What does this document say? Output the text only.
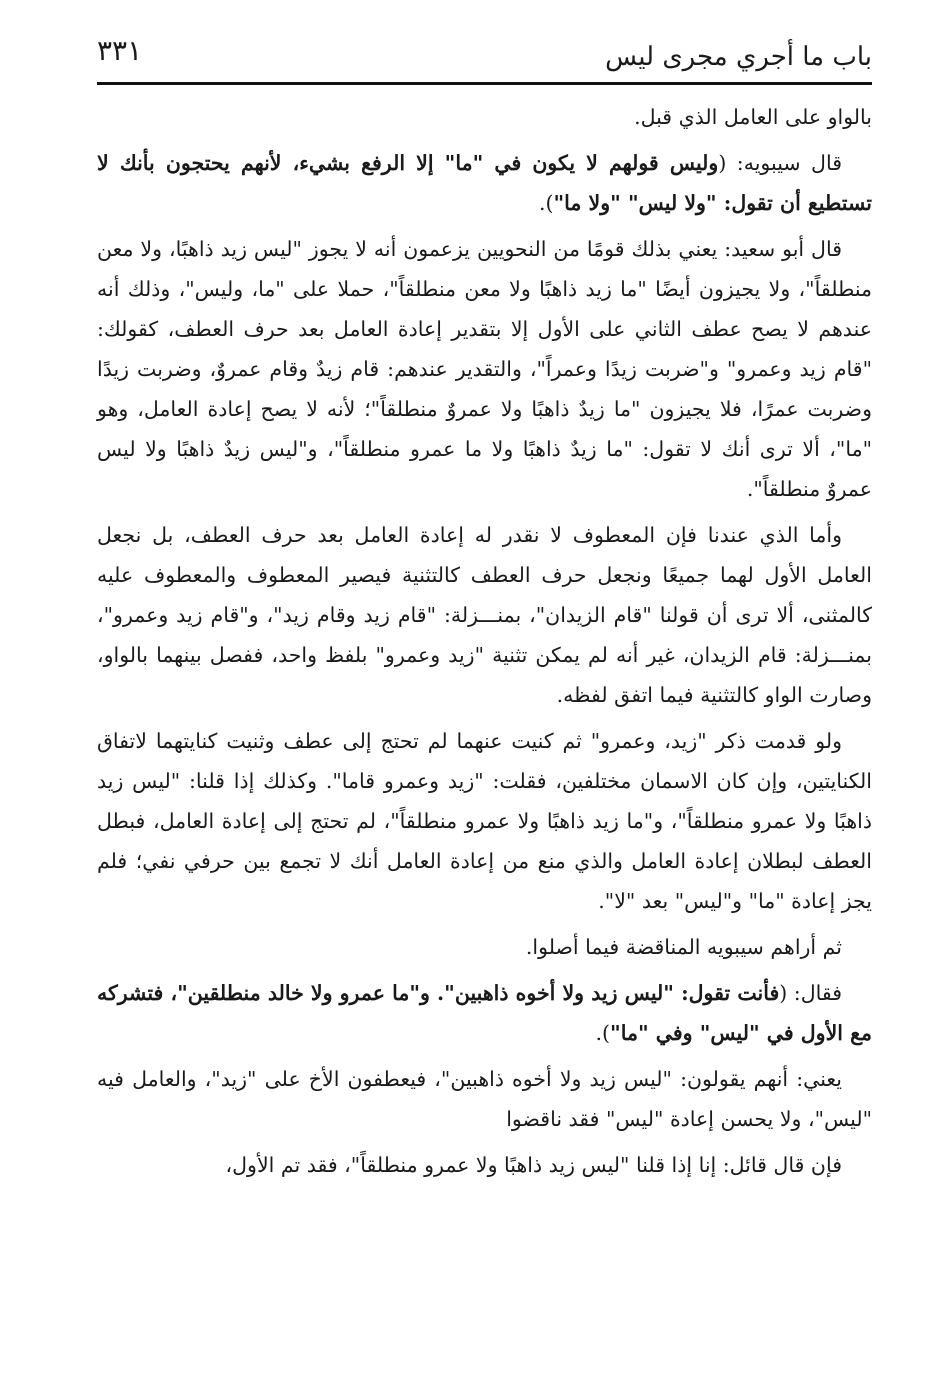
باب ما أجري مجرى ليس
٣٣١

بالواو على العامل الذي قبل.

قال سيبويه: (وليس قولهم لا يكون في "ما" إلا الرفع بشيء، لأنهم يحتجون بأنك لا تستطيع أن تقول: "ولا ليس" "ولا ما").

قال أبو سعيد: يعني بذلك قومًا من النحويين يزعمون أنه لا يجوز "ليس زيد ذاهبًا، ولا معن منطلقاً"، ولا يجيزون أيضًا "ما زيد ذاهبًا ولا معن منطلقاً"، حملا على "ما، وليس"، وذلك أنه عندهم لا يصح عطف الثاني على الأول إلا بتقدير إعادة العامل بعد حرف العطف، كقولك: "قام زيد وعمرو" و"ضربت زيدًا وعمراً"، والتقدير عندهم: قام زيدٌ وقام عمروٌ، وضربت زيدًا وضربت عمرًا، فلا يجيزون "ما زيدٌ ذاهبًا ولا عمروٌ منطلقاً"؛ لأنه لا يصح إعادة العامل، وهو "ما"، ألا ترى أنك لا تقول: "ما زيدٌ ذاهبًا ولا ما عمرو منطلقاً"، و"ليس زيدٌ ذاهبًا ولا ليس عمروٌ منطلقاً".

وأما الذي عندنا فإن المعطوف لا نقدر له إعادة العامل بعد حرف العطف، بل نجعل العامل الأول لهما جميعًا ونجعل حرف العطف كالتثنية فيصير المعطوف والمعطوف عليه كالمثنى، ألا ترى أن قولنا "قام الزيدان"، بمنـــزلة: "قام زيد وقام زيد"، و"قام زيد وعمرو"، بمنـــزلة: قام الزيدان، غير أنه لم يمكن تثنية "زيد وعمرو" بلفظ واحد، ففصل بينهما بالواو، وصارت الواو كالتثنية فيما اتفق لفظه.

ولو قدمت ذكر "زيد، وعمرو" ثم كنيت عنهما لم تحتج إلى عطف وثنيت كنايتهما لاتفاق الكنايتين، وإن كان الاسمان مختلفين، فقلت: "زيد وعمرو قاما". وكذلك إذا قلنا: "ليس زيد ذاهبًا ولا عمرو منطلقاً"، و"ما زيد ذاهبًا ولا عمرو منطلقاً"، لم تحتج إلى إعادة العامل، فبطل العطف لبطلان إعادة العامل والذي منع من إعادة العامل أنك لا تجمع بين حرفي نفي؛ فلم يجز إعادة "ما" و"ليس" بعد "لا".

ثم أراهم سيبويه المناقضة فيما أصلوا.

فقال: (فأنت تقول: "ليس زيد ولا أخوه ذاهبين". و"ما عمرو ولا خالد منطلقين"، فتشركه مع الأول في "ليس" وفي "ما").

يعني: أنهم يقولون: "ليس زيد ولا أخوه ذاهبين"، فيعطفون الأخ على "زيد"، والعامل فيه "ليس"، ولا يحسن إعادة "ليس" فقد ناقضوا

فإن قال قائل: إنا إذا قلنا "ليس زيد ذاهبًا ولا عمرو منطلقاً"، فقد تم الأول،
